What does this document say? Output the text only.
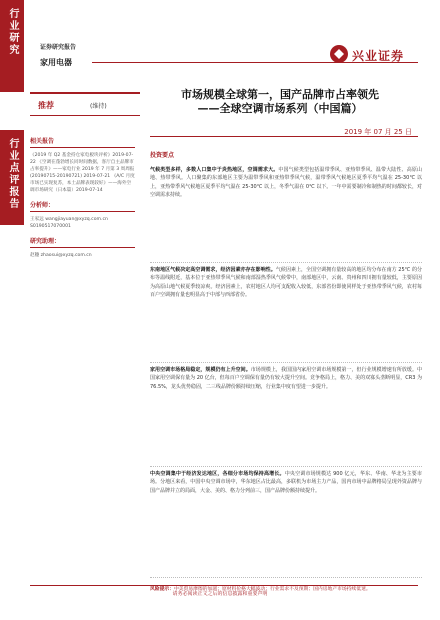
行业研究
行业点评报告
证券研究报告
家用电器	兴业证券
推荐	(维持)
市场规模全球第一，国产品牌市占率领先
——全球空调市场系列（中国篇）
2019 年 07 月 25 日
相关报告
《2019 年 Q2 基金持仓家电板块评析》2019-07-22 《空调在蓬勃增长同时间数据，客厅自主品牌市占率提升》——家电行业 2019 年 7 月第 3 周周报 (20190715-20190721) 2019-07-21 《A/C 月度市场已实现复苏，本土品牌表现较好》——海外空调市场研究（日本篇）2019-07-14
分析师：
王家远 wangjiayuan@xyzq.com.cn S0190517070001
研究助理：
赵穗 zhaosui@xyzq.com.cn
投资要点

气候类型多样，多数人口集中于炎热地区，空调需求大。中国气候类型包括温带季风、亚热带季风、温带大陆性、高原山地、热带季风。人口聚集的东部地区主要为温带季风和亚热带季风气候，温带季风气候地区夏季平均气温在 25-30℃ 以上，亚热带季风气候地区夏季平均气温在 25-30℃ 以上，冬季气温在 0℃ 以下。一年中需要制冷和制热的时间都较长，对空调需求持续。

东南地区气候决定高空调需求，经济因素亦存在影响性。气候因素上，全国空调拥有量较高的地区均分布在南方 25℃ 的分布等温线附近，基本位于亚热带季风气候和南部湿热季风气候带中，南部地区中，云南、贵州和四川拥有量较低，主要原因为高原山地气候夏季较凉爽。经济因素上，农村地区人均可支配收入较低，东部省份即使同样处于亚热带季风气候，农村每百户空调拥有量也明显高于中部与西部省份。

家用空调市场格局稳定，规模仍有上升空间。市场规模上，我国国内家用空调市场规模第一，但行业规模增速有所放缓。中国家用空调保有量为 20 亿台，但每百户空调保有量仍有较大提升空间。竞争格局上，格力、美的双寡头垄断明显，CR3 为 76.5%，龙头优势稳固，二三线品牌份额持续压缩，行业集中度有望进一步提升。

中央空调集中于经济发达地区，各细分市场均保持高增长。中央空调市场规模达 900 亿元，华东、华南、华北为主要市场。分地区来看，中国中央空调市场中，华东地区占比最高，多联机为市场主力产品，国内市场中品牌格局呈现外资品牌与国产品牌并立的局面，大金、美的、格力分列前三，国产品牌份额持续提升。

风险提示：中美贸易摩擦的加剧；原材料价格大幅波动；行业需求不及预期；国内房地产市场持续低迷。
请务必阅读正文之后的信息披露和重要声明
